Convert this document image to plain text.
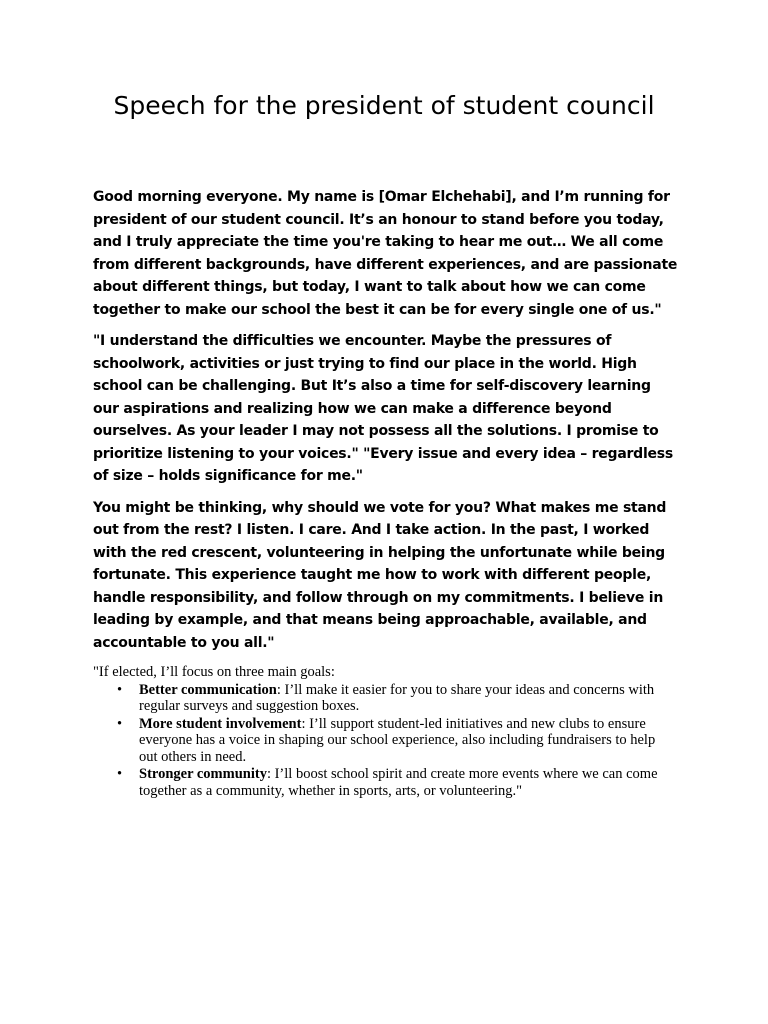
Speech for the president of student council

Good morning everyone. My name is [Omar Elchehabi], and I’m running for president of our student council. It’s an honour to stand before you today, and I truly appreciate the time you're taking to hear me out… We all come from different backgrounds, have different experiences, and are passionate about different things, but today, I want to talk about how we can come together to make our school the best it can be for every single one of us."

"I understand the difficulties we encounter. Maybe the pressures of schoolwork, activities or just trying to find our place in the world. High school can be challenging. But It’s also a time for self-discovery learning our aspirations and realizing how we can make a difference beyond ourselves. As your leader I may not possess all the solutions. I promise to prioritize listening to your voices." "Every issue and every idea – regardless of size – holds significance for me."

You might be thinking, why should we vote for you? What makes me stand out from the rest? I listen. I care. And I take action. In the past, I worked with the red crescent, volunteering in helping the unfortunate while being fortunate. This experience taught me how to work with different people, handle responsibility, and follow through on my commitments. I believe in leading by example, and that means being approachable, available, and accountable to you all."

"If elected, I’ll focus on three main goals:
• Better communication: I’ll make it easier for you to share your ideas and concerns with regular surveys and suggestion boxes.
• More student involvement: I’ll support student-led initiatives and new clubs to ensure everyone has a voice in shaping our school experience, also including fundraisers to help out others in need.
• Stronger community: I’ll boost school spirit and create more events where we can come together as a community, whether in sports, arts, or volunteering."
